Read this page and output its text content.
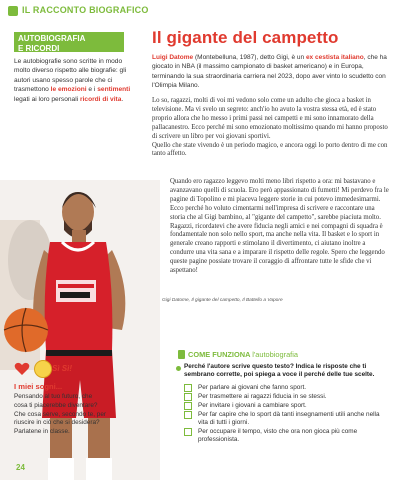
IL RACCONTO BIOGRAFICO
AUTOBIOGRAFIA
E RICORDI
Le autobiografie sono scritte in modo molto diverso rispetto alle biografie: gli autori usano spesso parole che ci trasmettono le emozioni e i sentimenti legati ai loro personali ricordi di vita.
Sì Sì!
I miei sogni...
Pensando al tuo futuro, che cosa ti piacerebbe diventare? Che cosa serve, secondo te, per riuscire in ciò che si desidera? Parlatene in classe.
24
Il gigante del campetto
Luigi Datome (Montebelluna, 1987), detto Gigi, è un ex cestista italiano, che ha giocato in NBA (il massimo campionato di basket americano) e in Europa, terminando la sua straordinaria carriera nel 2023, dopo aver vinto lo scudetto con l'Olimpia Milano.

Lo so, ragazzi, molti di voi mi vedono solo come un adulto che gioca a basket in televisione. Ma vi svelo un segreto: anch'io ho avuto la vostra stessa età, ed è stato proprio allora che ho messo i primi passi nei campetti e mi sono innamorato della pallacanestro. Ecco perché mi sono emozionato moltissimo quando mi hanno proposto di scrivere un libro per voi giovani sportivi.

Quello che state vivendo è un periodo magico, e ancora oggi lo porto dentro di me con tanto affetto.

Quando ero ragazzo leggevo molti meno libri rispetto a ora: mi bastavano e avanzavano quelli di scuola. Ero però appassionato di fumetti! Mi perdevo fra le pagine di Topolino e mi piaceva leggere storie in cui potevo immedesimarmi.

Ecco perché ho voluto cimentarmi nell'impresa di scrivere e raccontare una storia che al Gigi bambino, al "gigante del campetto", sarebbe piaciuta molto.

Ragazzi, ricordatevi che avere fiducia negli amici e nei compagni di squadra è fondamentale non solo nello sport, ma anche nella vita. Il basket e lo sport in generale creano rapporti e stimolano il divertimento, ci aiutano inoltre a condurre una vita sana e a imparare il rispetto delle regole. Spero che leggendo queste pagine possiate trovare il coraggio di affrontare tutte le sfide che vi aspettano!

Gigi Datome, Il gigante del campetto, Il Battello a Vapore
COME FUNZIONA l'autobiografia
Perché l'autore scrive questo testo? Indica le risposte che ti sembrano corrette, poi spiega a voce il perché delle tue scelte.
Per parlare ai giovani che fanno sport.
Per trasmettere ai ragazzi fiducia in se stessi.
Per invitare i giovani a cambiare sport.
Per far capire che lo sport dà tanti insegnamenti utili anche nella vita di tutti i giorni.
Per occupare il tempo, visto che ora non gioca più come professionista.
